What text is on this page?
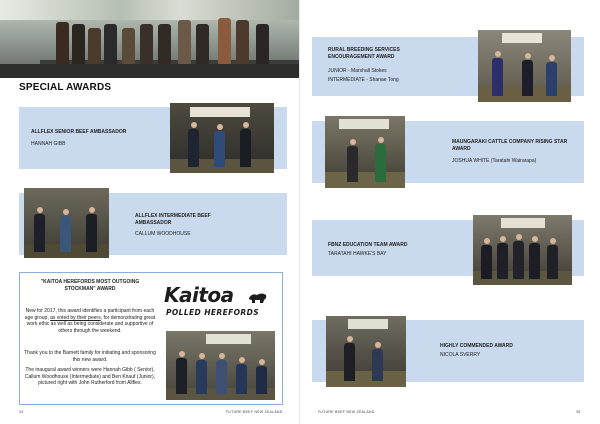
SPECIAL AWARDS
ALLFLEX SENIOR BEEF AMBASSADOR
HANNAH GIBB
ALLFLEX INTERMEDIATE BEEF AMBASSADOR
CALLUM WOODHOUSE
"KAITOA HEREFORDS MOST OUTGOING STOCKMAN" AWARD	Kaitoa
POLLED HEREFORDS
New for 2017, this award identifies a participant from each age group, as voted by their peers, for demonstrating great work ethic as well as being considerate and supportive of others through the weekend.
Thank you to the Barnett family for initiating and sponsoring this new award.
The inaugural award winners were Hannah Gibb ( Senior), Callum Woodhouse (Intermediate) and Ben Knauf (Junior), pictured right with John Rutherford from Allflex.
34	FUTURE BEEF NEW ZEALAND
RURAL BREEDING SERVICES ENCOURAGEMENT AWARD
JUNIOR - Marshall Stokes
INTERMEDIATE - Shanae Tong
MAUNGARAKI CATTLE COMPANY RISING STAR AWARD
JOSHUA WHITE (Taratahi Wairarapa)
FBNZ EDUCATION TEAM AWARD
TARATAHI HAWKE'S BAY
HIGHLY COMMENDED AWARD
NICOLA SVERRY
FUTURE BEEF NEW ZEALAND	35
